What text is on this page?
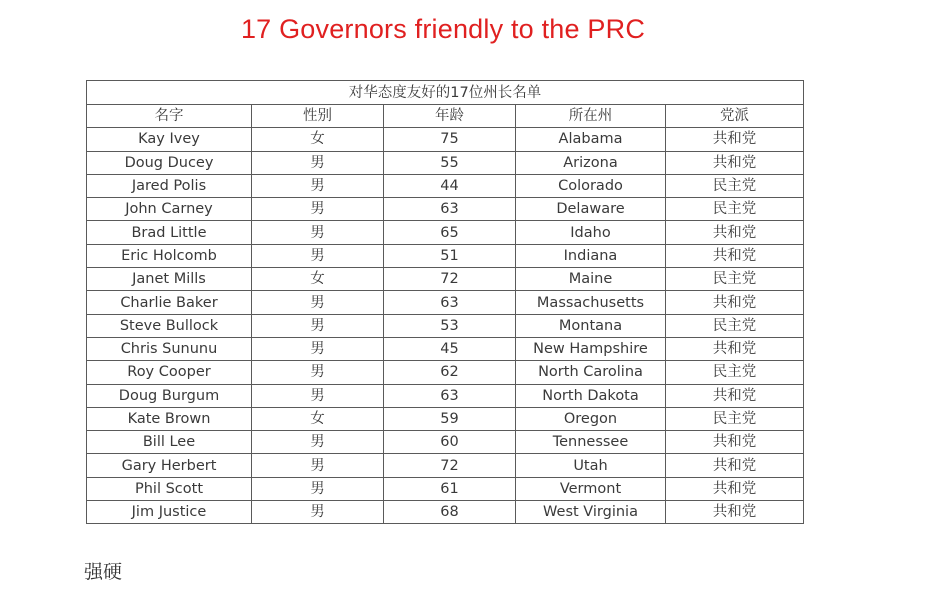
17 Governors friendly to the PRC
对华态度友好的17位州长名单				
名字	性别	年龄	所在州	党派
Kay Ivey	女	75	Alabama	共和党
Doug Ducey	男	55	Arizona	共和党
Jared Polis	男	44	Colorado	民主党
John Carney	男	63	Delaware	民主党
Brad Little	男	65	Idaho	共和党
Eric Holcomb	男	51	Indiana	共和党
Janet Mills	女	72	Maine	民主党
Charlie Baker	男	63	Massachusetts	共和党
Steve Bullock	男	53	Montana	民主党
Chris Sununu	男	45	New Hampshire	共和党
Roy Cooper	男	62	North Carolina	民主党
Doug Burgum	男	63	North Dakota	共和党
Kate Brown	女	59	Oregon	民主党
Bill Lee	男	60	Tennessee	共和党
Gary Herbert	男	72	Utah	共和党
Phil Scott	男	61	Vermont	共和党
Jim Justice	男	68	West Virginia	共和党
强硬
